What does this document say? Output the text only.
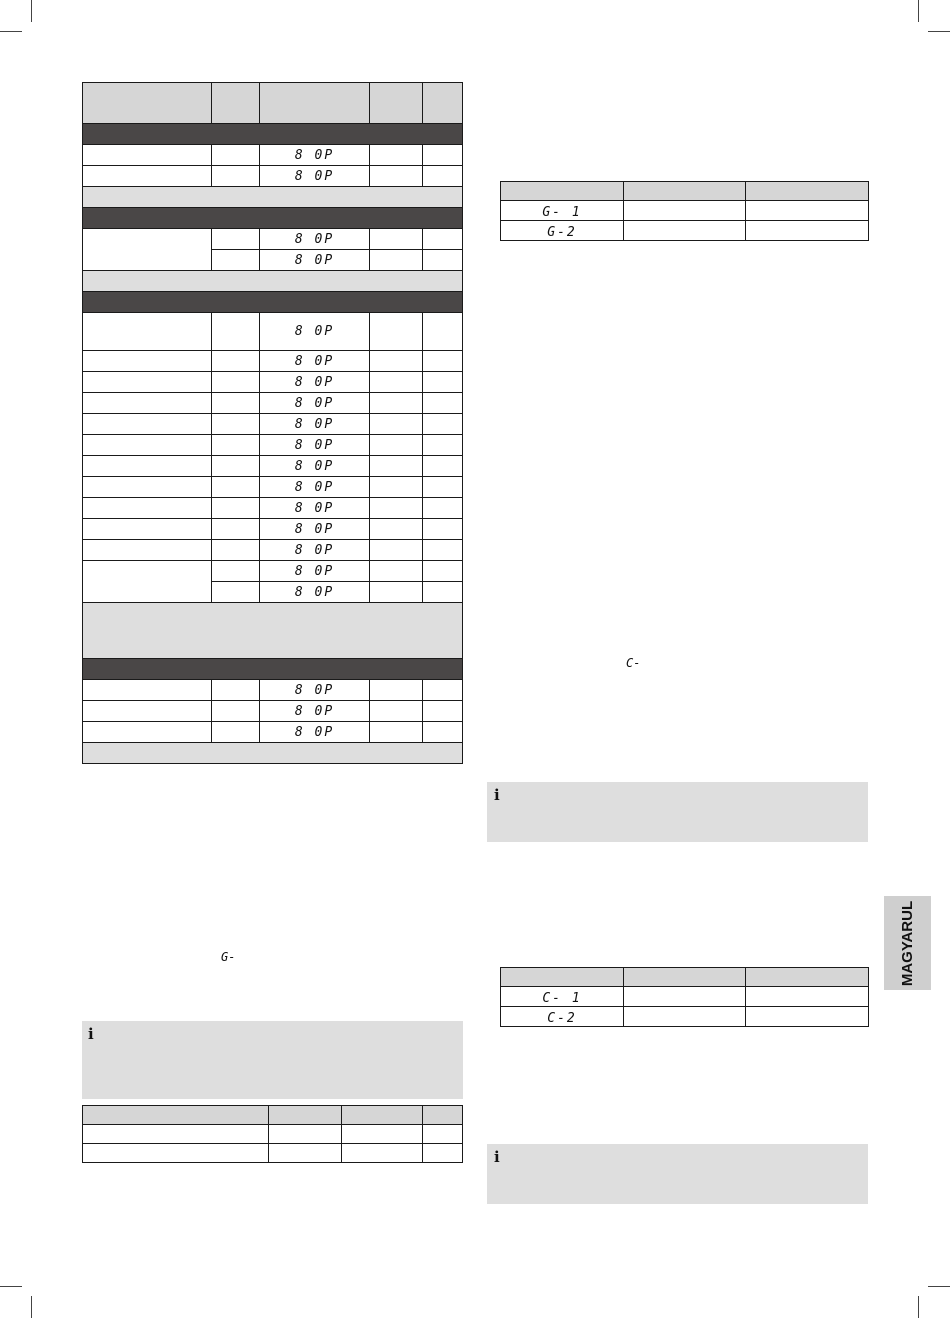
8 0P
8 0P
8 0P
8 0P
8 0P
8 0P
8 0P
8 0P
8 0P
8 0P
8 0P
8 0P
8 0P
8 0P
8 0P
8 0P
8 0P
8 0P
8 0P
8 0P
G-
i

G- 1		
G-2		
C-
i

C- 1		
C-2		
i
MAGYARUL
